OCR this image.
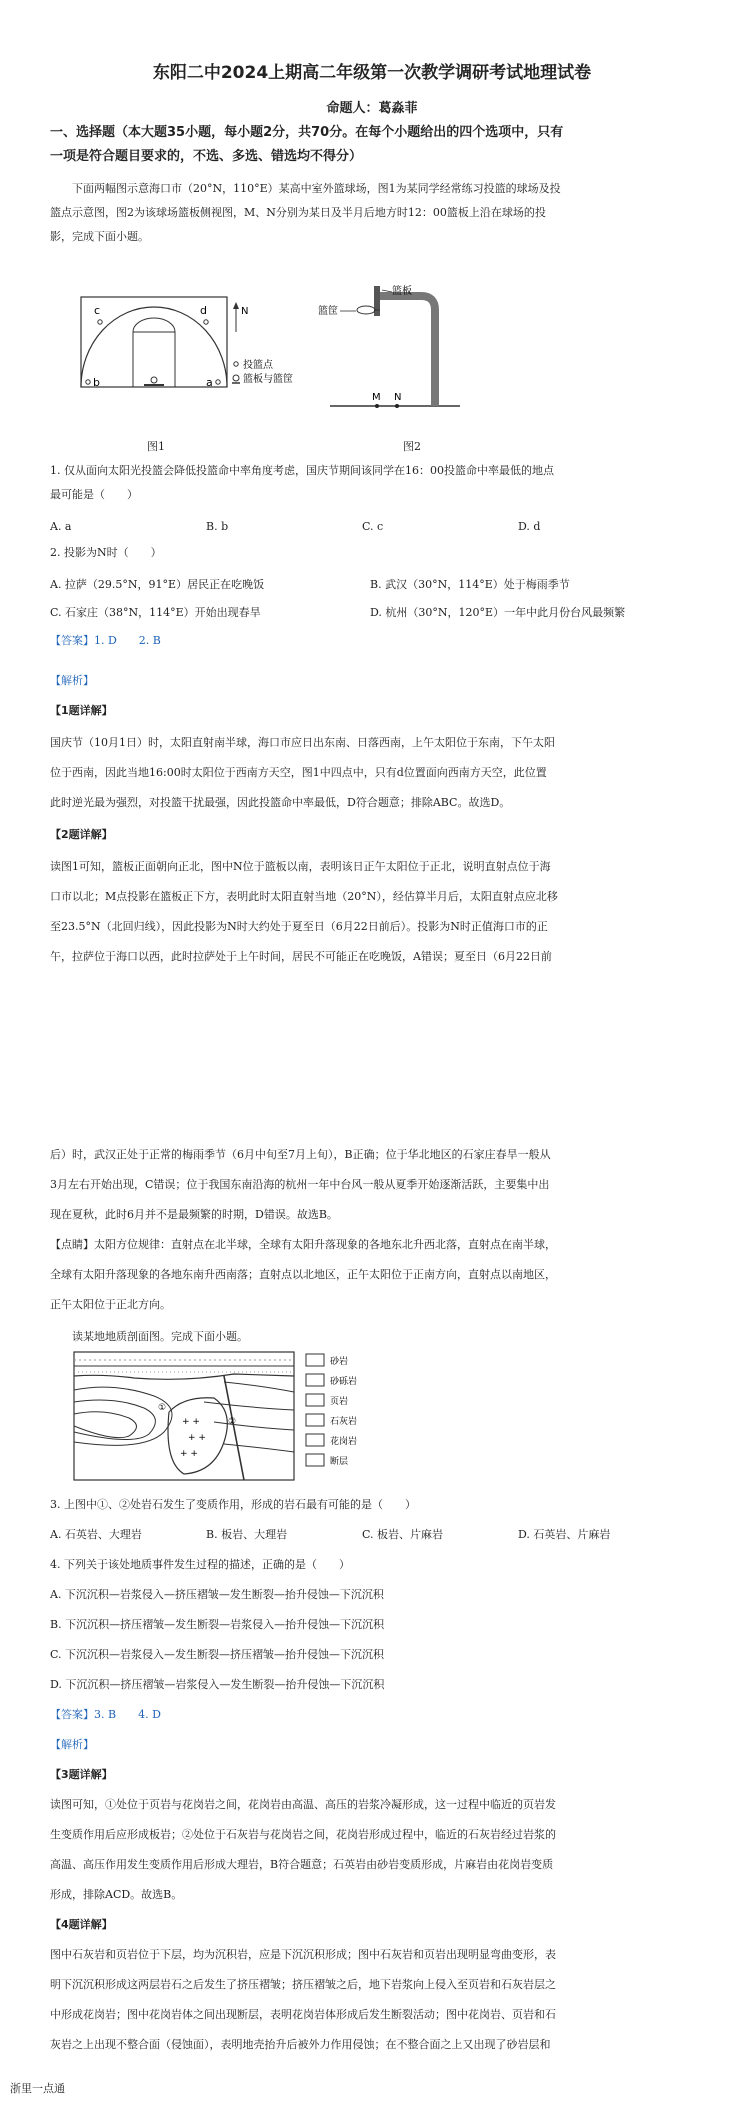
东阳二中2024上期高二年级第一次教学调研考试地理试卷
命题人：葛淼菲
一、选择题（本大题35小题，每小题2分，共70分。在每个小题给出的四个选项中，只有
一项是符合题目要求的，不选、多选、错选均不得分）
下面两幅图示意海口市（20°N，110°E）某高中室外篮球场，图1为某同学经常练习投篮的球场及投
篮点示意图，图2为该球场篮板侧视图，M、N分别为某日及半月后地方时12：00篮板上沿在球场的投
影，完成下面小题。
c	d
b	a
N
投篮点
篮板与篮筐
图1
篮筐
篮板
M N
图2
1. 仅从面向太阳光投篮会降低投篮命中率角度考虑，国庆节期间该同学在16：00投篮命中率最低的地点
最可能是（　　）
A. a	B. b	C. c	D. d
2. 投影为N时（　　）
A. 拉萨（29.5°N，91°E）居民正在吃晚饭	B. 武汉（30°N，114°E）处于梅雨季节
C. 石家庄（38°N，114°E）开始出现春旱	D. 杭州（30°N，120°E）一年中此月份台风最频繁
【答案】1. D　　2. B
【解析】
【1题详解】
国庆节（10月1日）时，太阳直射南半球，海口市应日出东南、日落西南，上午太阳位于东南，下午太阳
位于西南，因此当地16:00时太阳位于西南方天空，图1中四点中，只有d位置面向西南方天空，此位置
此时逆光最为强烈，对投篮干扰最强，因此投篮命中率最低，D符合题意；排除ABC。故选D。
【2题详解】
读图1可知，篮板正面朝向正北，图中N位于篮板以南，表明该日正午太阳位于正北，说明直射点位于海
口市以北；M点投影在篮板正下方，表明此时太阳直射当地（20°N），经估算半月后，太阳直射点应北移
至23.5°N（北回归线），因此投影为N时大约处于夏至日（6月22日前后）。投影为N时正值海口市的正
午，拉萨位于海口以西，此时拉萨处于上午时间，居民不可能正在吃晚饭，A错误；夏至日（6月22日前
后）时，武汉正处于正常的梅雨季节（6月中旬至7月上旬），B正确；位于华北地区的石家庄春旱一般从
3月左右开始出现，C错误；位于我国东南沿海的杭州一年中台风一般从夏季开始逐渐活跃，主要集中出
现在夏秋，此时6月并不是最频繁的时期，D错误。故选B。
【点睛】太阳方位规律：直射点在北半球，全球有太阳升落现象的各地东北升西北落，直射点在南半球，
全球有太阳升落现象的各地东南升西南落；直射点以北地区，正午太阳位于正南方向，直射点以南地区，
正午太阳位于正北方向。
读某地地质剖面图。完成下面小题。
+ +
+ +
+ +
①
②
砂岩
砂砾岩
页岩
石灰岩
花岗岩
断层
3. 上图中①、②处岩石发生了变质作用，形成的岩石最有可能的是（　　）
A. 石英岩、大理岩	B. 板岩、大理岩	C. 板岩、片麻岩	D. 石英岩、片麻岩
4. 下列关于该处地质事件发生过程的描述，正确的是（　　）
A. 下沉沉积—岩浆侵入—挤压褶皱—发生断裂—抬升侵蚀—下沉沉积
B. 下沉沉积—挤压褶皱—发生断裂—岩浆侵入—抬升侵蚀—下沉沉积
C. 下沉沉积—岩浆侵入—发生断裂—挤压褶皱—抬升侵蚀—下沉沉积
D. 下沉沉积—挤压褶皱—岩浆侵入—发生断裂—抬升侵蚀—下沉沉积
【答案】3. B　　4. D
【解析】
【3题详解】
读图可知，①处位于页岩与花岗岩之间，花岗岩由高温、高压的岩浆冷凝形成，这一过程中临近的页岩发
生变质作用后应形成板岩；②处位于石灰岩与花岗岩之间，花岗岩形成过程中，临近的石灰岩经过岩浆的
高温、高压作用发生变质作用后形成大理岩，B符合题意；石英岩由砂岩变质形成，片麻岩由花岗岩变质
形成，排除ACD。故选B。
【4题详解】
图中石灰岩和页岩位于下层，均为沉积岩，应是下沉沉积形成；图中石灰岩和页岩出现明显弯曲变形，表
明下沉沉积形成这两层岩石之后发生了挤压褶皱；挤压褶皱之后，地下岩浆向上侵入至页岩和石灰岩层之
中形成花岗岩；图中花岗岩体之间出现断层，表明花岗岩体形成后发生断裂活动；图中花岗岩、页岩和石
灰岩之上出现不整合面（侵蚀面），表明地壳抬升后被外力作用侵蚀；在不整合面之上又出现了砂岩层和
浙里一点通
